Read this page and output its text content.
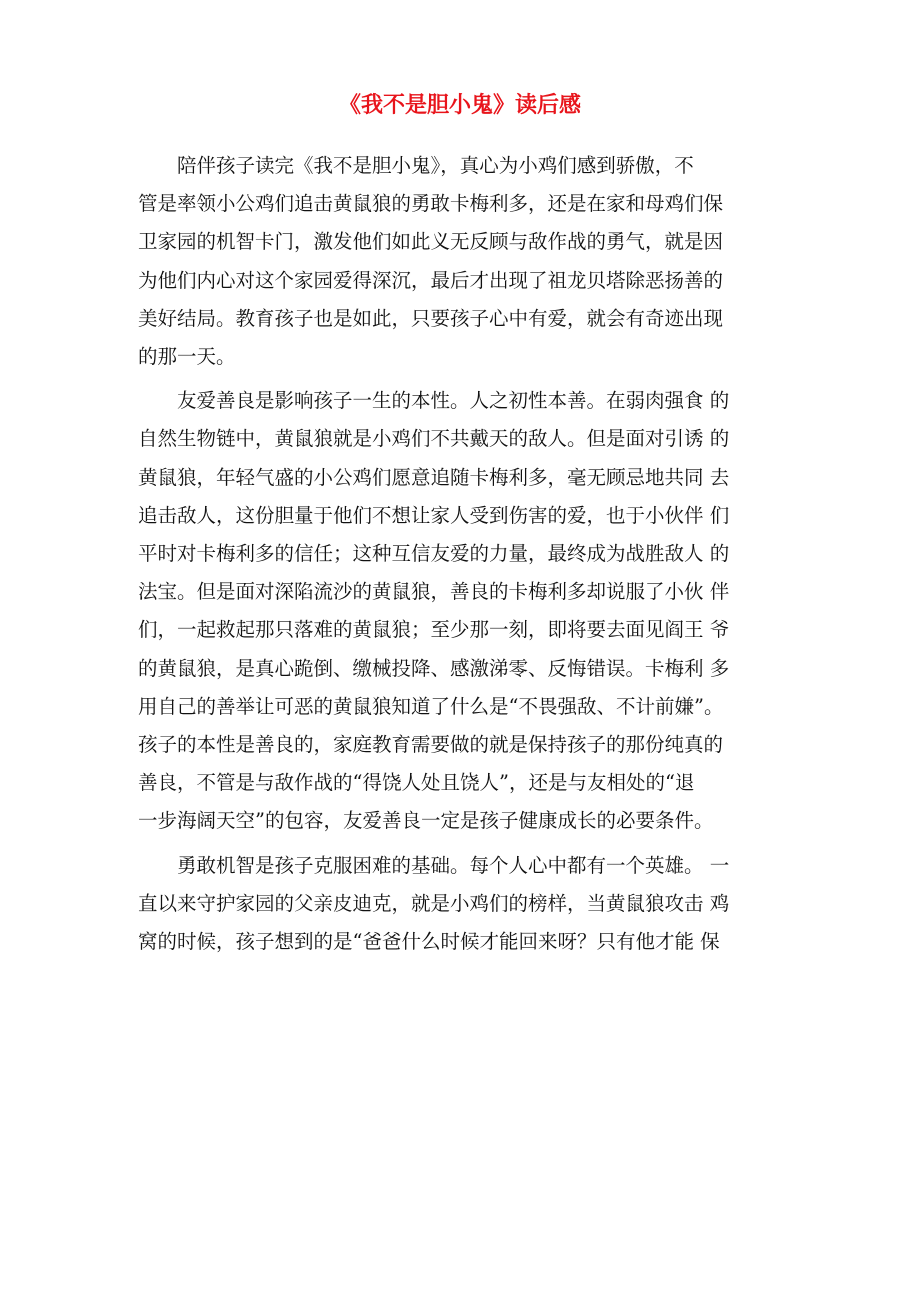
《我不是胆小鬼》读后感
陪伴孩子读完《我不是胆小鬼》，真心为小鸡们感到骄傲，不
管是率领小公鸡们追击黄鼠狼的勇敢卡梅利多，还是在家和母鸡们保
卫家园的机智卡门，激发他们如此义无反顾与敌作战的勇气，就是因
为他们内心对这个家园爱得深沉，最后才出现了祖龙贝塔除恶扬善的
美好结局。教育孩子也是如此，只要孩子心中有爱，就会有奇迹出现
的那一天。
友爱善良是影响孩子一生的本性。人之初性本善。在弱肉强食 的
自然生物链中，黄鼠狼就是小鸡们不共戴天的敌人。但是面对引诱 的
黄鼠狼，年轻气盛的小公鸡们愿意追随卡梅利多，毫无顾忌地共同 去
追击敌人，这份胆量于他们不想让家人受到伤害的爱，也于小伙伴 们
平时对卡梅利多的信任；这种互信友爱的力量，最终成为战胜敌人 的
法宝。但是面对深陷流沙的黄鼠狼，善良的卡梅利多却说服了小伙 伴
们，一起救起那只落难的黄鼠狼；至少那一刻，即将要去面见阎王 爷
的黄鼠狼，是真心跪倒、缴械投降、感激涕零、反悔错误。卡梅利 多
用自己的善举让可恶的黄鼠狼知道了什么是“不畏强敌、不计前嫌”。
孩子的本性是善良的，家庭教育需要做的就是保持孩子的那份纯真的
善良，不管是与敌作战的“得饶人处且饶人”，还是与友相处的“退
一步海阔天空”的包容，友爱善良一定是孩子健康成长的必要条件。
勇敢机智是孩子克服困难的基础。每个人心中都有一个英雄。 一
直以来守护家园的父亲皮迪克，就是小鸡们的榜样，当黄鼠狼攻击 鸡
窝的时候，孩子想到的是“爸爸什么时候才能回来呀？只有他才能 保
